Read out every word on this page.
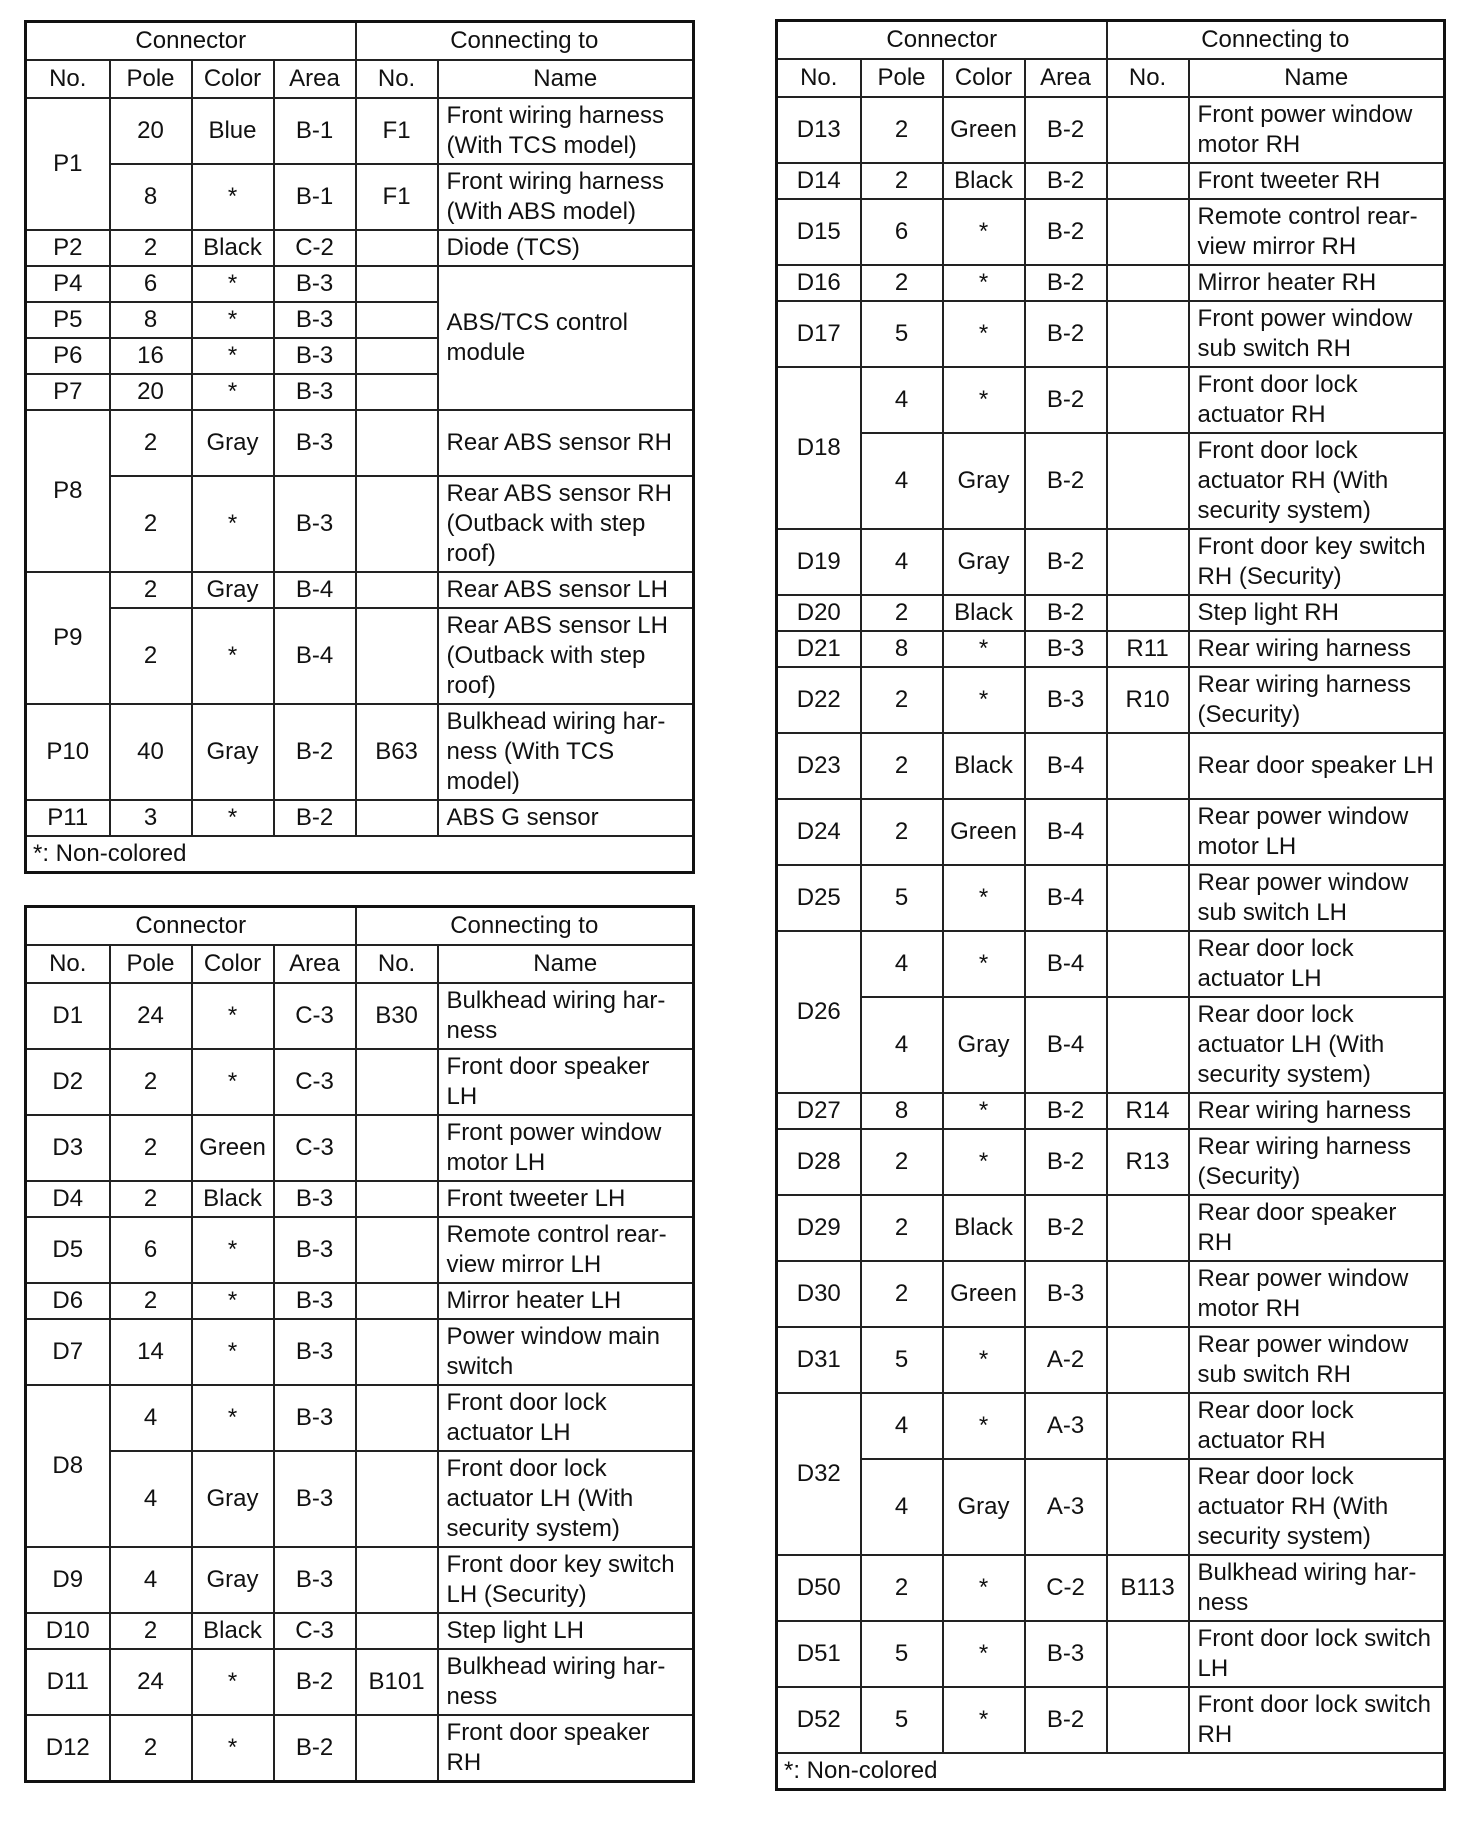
Connector				Connecting to	
No.	Pole	Color	Area	No.	Name
P1	20	Blue	B-1	F1	Front wiring harness (With TCS model)
	8	*	B-1	F1	Front wiring harness (With ABS model)
P2	2	Black	C-2		Diode (TCS)
P4	6	*	B-3		ABS/TCS control module
P5	8	*	B-3		
P6	16	*	B-3		
P7	20	*	B-3		
P8	2	Gray	B-3		Rear ABS sensor RH
	2	*	B-3		Rear ABS sensor RH (Outback with step roof)
P9	2	Gray	B-4		Rear ABS sensor LH
	2	*	B-4		Rear ABS sensor LH (Outback with step roof)
P10	40	Gray	B-2	B63	Bulkhead wiring har-ness (With TCS model)
P11	3	*	B-2		ABS G sensor
*: Non-colored					
Connector				Connecting to	
No.	Pole	Color	Area	No.	Name
D1	24	*	C-3	B30	Bulkhead wiring har-ness
D2	2	*	C-3		Front door speaker LH
D3	2	Green	C-3		Front power window motor LH
D4	2	Black	B-3		Front tweeter LH
D5	6	*	B-3		Remote control rear-view mirror LH
D6	2	*	B-3		Mirror heater LH
D7	14	*	B-3		Power window main switch
D8	4	*	B-3		Front door lock actuator LH
	4	Gray	B-3		Front door lock actuator LH (With security system)
D9	4	Gray	B-3		Front door key switch LH (Security)
D10	2	Black	C-3		Step light LH
D11	24	*	B-2	B101	Bulkhead wiring har-ness
D12	2	*	B-2		Front door speaker RH
Connector				Connecting to	
No.	Pole	Color	Area	No.	Name
D13	2	Green	B-2		Front power window motor RH
D14	2	Black	B-2		Front tweeter RH
D15	6	*	B-2		Remote control rear-view mirror RH
D16	2	*	B-2		Mirror heater RH
D17	5	*	B-2		Front power window sub switch RH
D18	4	*	B-2		Front door lock actuator RH
	4	Gray	B-2		Front door lock actuator RH (With security system)
D19	4	Gray	B-2		Front door key switch RH (Security)
D20	2	Black	B-2		Step light RH
D21	8	*	B-3	R11	Rear wiring harness
D22	2	*	B-3	R10	Rear wiring harness (Security)
D23	2	Black	B-4		Rear door speaker LH
D24	2	Green	B-4		Rear power window motor LH
D25	5	*	B-4		Rear power window sub switch LH
D26	4	*	B-4		Rear door lock actuator LH
	4	Gray	B-4		Rear door lock actuator LH (With security system)
D27	8	*	B-2	R14	Rear wiring harness
D28	2	*	B-2	R13	Rear wiring harness (Security)
D29	2	Black	B-2		Rear door speaker RH
D30	2	Green	B-3		Rear power window motor RH
D31	5	*	A-2		Rear power window sub switch RH
D32	4	*	A-3		Rear door lock actuator RH
	4	Gray	A-3		Rear door lock actuator RH (With security system)
D50	2	*	C-2	B113	Bulkhead wiring har-ness
D51	5	*	B-3		Front door lock switch LH
D52	5	*	B-2		Front door lock switch RH
*: Non-colored					
